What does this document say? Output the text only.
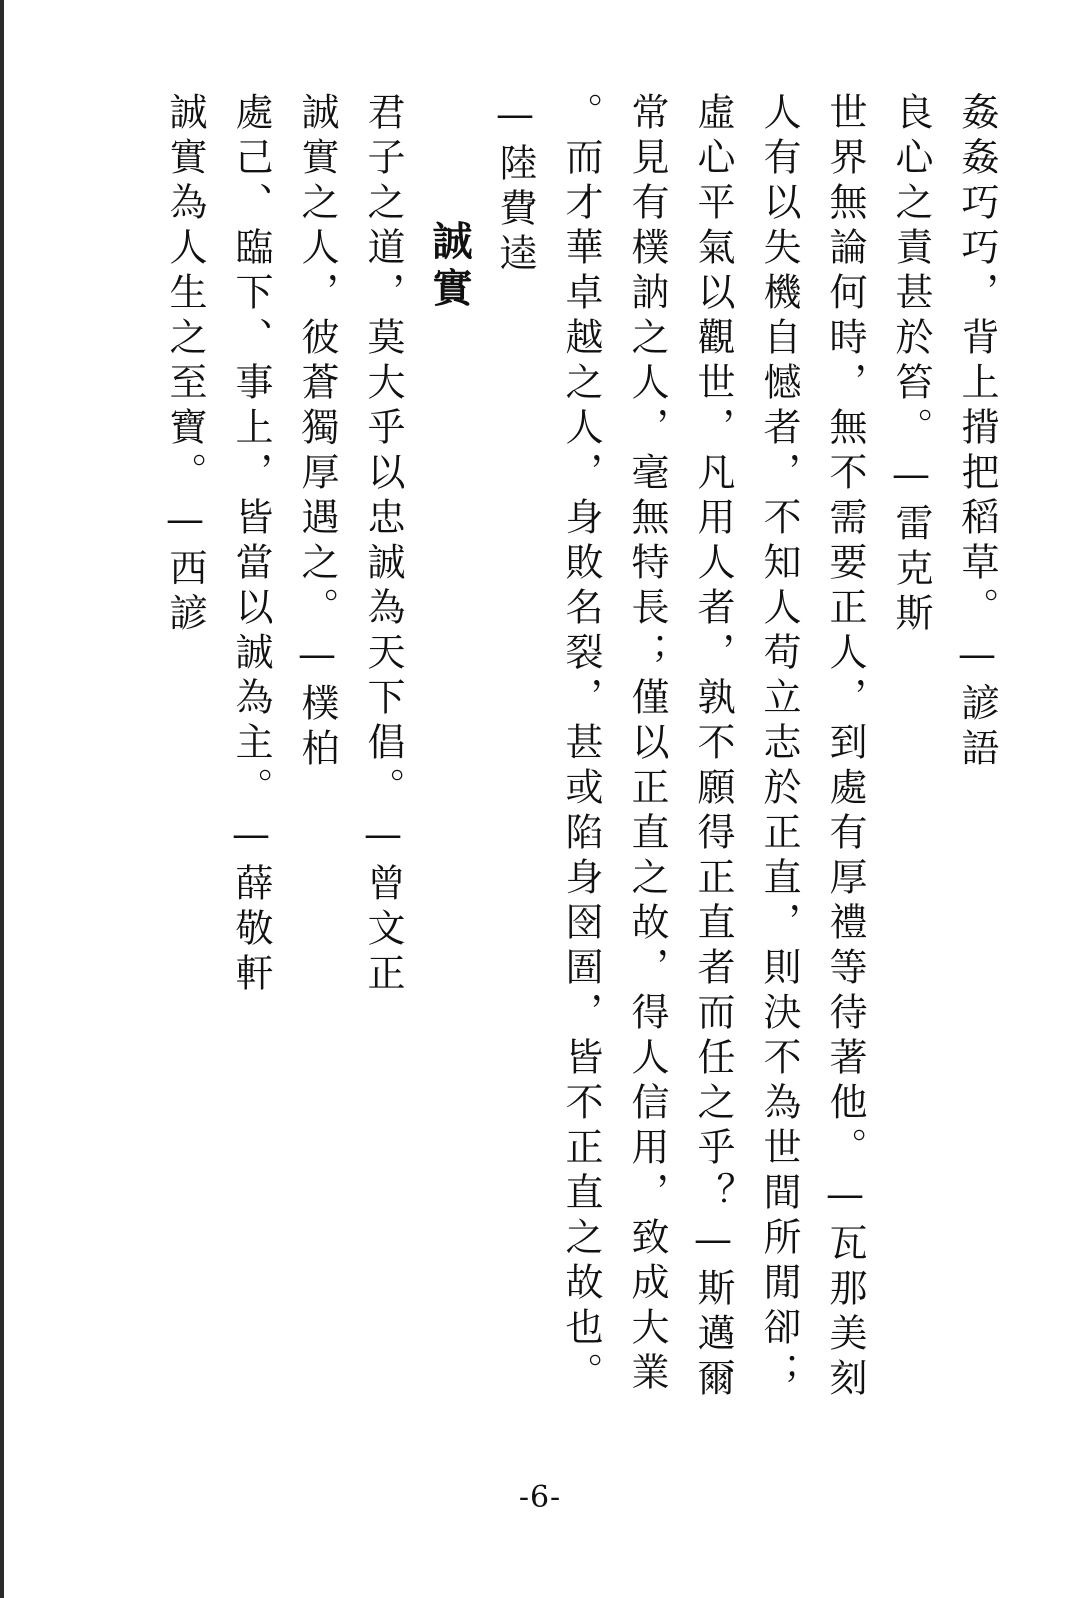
姦姦巧巧，背上揹把稻草。—諺語
良心之責甚於笞。—雷克斯
世界無論何時，無不需要正人，到處有厚禮等待著他。—瓦那美刻
人有以失機自憾者，不知人苟立志於正直，則決不為世間所閒卻；
虛心平氣以觀世，凡用人者，孰不願得正直者而任之乎？—斯邁爾
常見有樸訥之人，毫無特長；僅以正直之故，得人信用，致成大業
。而才華卓越之人，身敗名裂，甚或陷身囹圄，皆不正直之故也。
—陸費逵
誠實
君子之道，莫大乎以忠誠為天下倡。—曾文正
誠實之人，彼蒼獨厚遇之。—樸柏
處己、臨下、事上，皆當以誠為主。—薛敬軒
誠實為人生之至寶。—西諺
-6-
